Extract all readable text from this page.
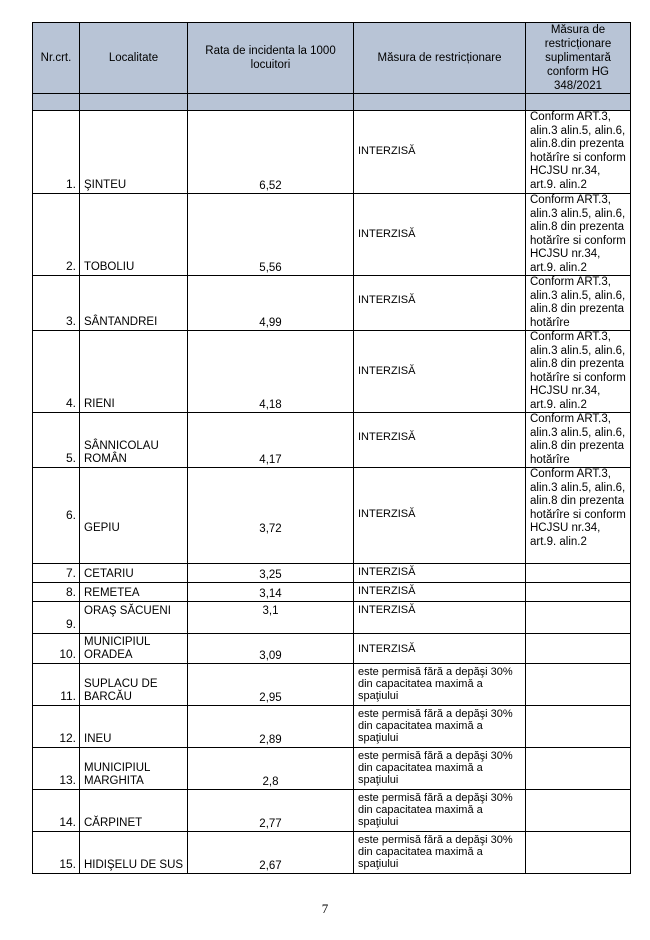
Nr.crt.	Localitate	Rata de incidenta la 1000 locuitori	Măsura de restricționare	Măsura de restricționare suplimentară conform HG 348/2021

1.	ŞINTEU	6,52	INTERZISĂ	Conform ART.3, alin.3 alin.5, alin.6, alin.8.din prezenta hotărîre si conform HCJSU nr.34, art.9. alin.2
2.	TOBOLIU	5,56	INTERZISĂ	Conform ART.3, alin.3 alin.5, alin.6, alin.8 din prezenta hotărîre si conform HCJSU nr.34, art.9. alin.2
3.	SÂNTANDREI	4,99	INTERZISĂ	Conform ART.3, alin.3 alin.5, alin.6, alin.8 din prezenta hotărîre
4.	RIENI	4,18	INTERZISĂ	Conform ART.3, alin.3 alin.5, alin.6, alin.8 din prezenta hotărîre si conform HCJSU nr.34, art.9. alin.2
5.	SÂNNICOLAU ROMÂN	4,17	INTERZISĂ	Conform ART.3, alin.3 alin.5, alin.6, alin.8 din prezenta hotărîre
6.	GEPIU	3,72	INTERZISĂ	Conform ART.3, alin.3 alin.5, alin.6, alin.8 din prezenta hotărîre si conform HCJSU nr.34, art.9. alin.2
7.	CETARIU	3,25	INTERZISĂ	
8.	REMETEA	3,14	INTERZISĂ	
9.	ORAŞ SĂCUENI	3,1	INTERZISĂ	
10.	MUNICIPIUL ORADEA	3,09	INTERZISĂ	
11.	SUPLACU DE BARCĂU	2,95	este permisă fără a depăşi 30% din capacitatea maximă a spaţiului	
12.	INEU	2,89	este permisă fără a depăşi 30% din capacitatea maximă a spaţiului	
13.	MUNICIPIUL MARGHITA	2,8	este permisă fără a depăşi 30% din capacitatea maximă a spaţiului	
14.	CĂRPINET	2,77	este permisă fără a depăşi 30% din capacitatea maximă a spaţiului	
15.	HIDIŞELU DE SUS	2,67	este permisă fără a depăşi 30% din capacitatea maximă a spaţiului	
7
